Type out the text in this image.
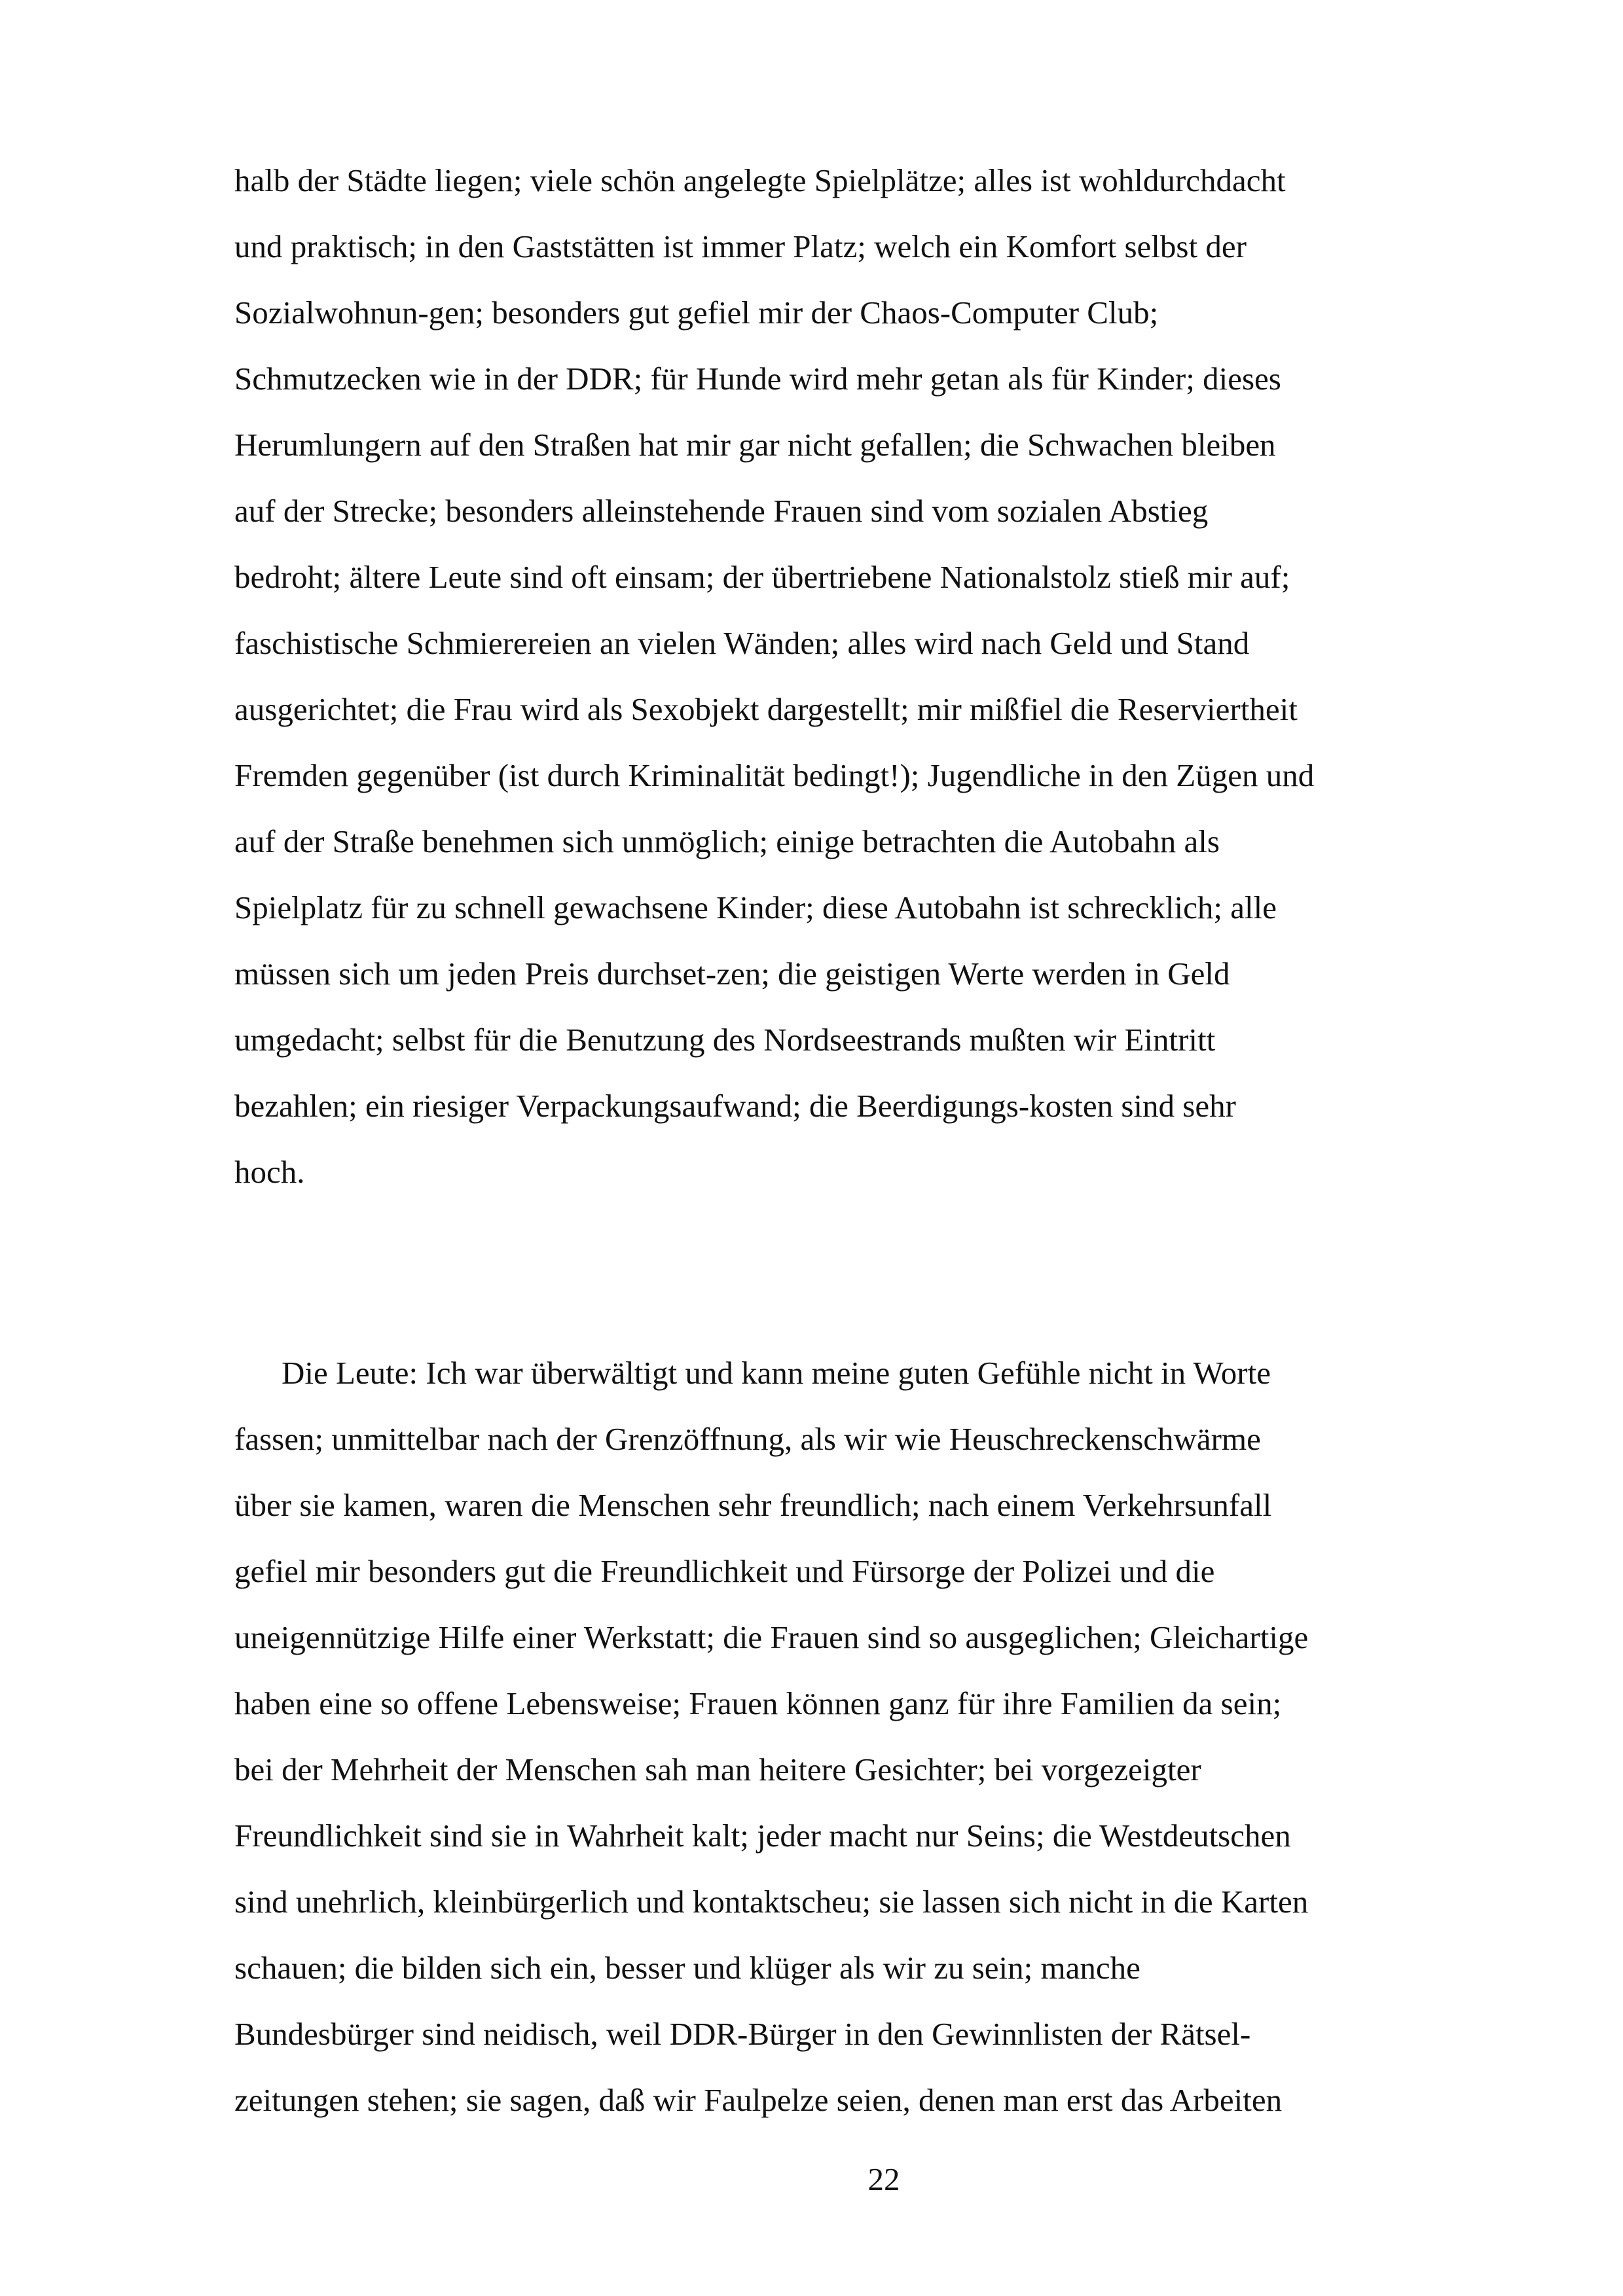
halb der Städte liegen; viele schön angelegte Spielplätze; alles ist wohldurchdacht
und praktisch; in den Gaststätten ist immer Platz; welch ein Komfort selbst der
Sozialwohnun-gen; besonders gut gefiel mir der Chaos-Computer Club;
Schmutzecken wie in der DDR; für Hunde wird mehr getan als für Kinder; dieses
Herumlungern auf den Straßen hat mir gar nicht gefallen; die Schwachen bleiben
auf der Strecke; besonders alleinstehende Frauen sind vom sozialen Abstieg
bedroht; ältere Leute sind oft einsam; der übertriebene Nationalstolz stieß mir auf;
faschistische Schmierereien an vielen Wänden; alles wird nach Geld und Stand
ausgerichtet; die Frau wird als Sexobjekt dargestellt; mir mißfiel die Reserviertheit
Fremden gegenüber (ist durch Kriminalität bedingt!); Jugendliche in den Zügen und
auf der Straße benehmen sich unmöglich; einige betrachten die Autobahn als
Spielplatz für zu schnell gewachsene Kinder; diese Autobahn ist schrecklich; alle
müssen sich um jeden Preis durchset-zen; die geistigen Werte werden in Geld
umgedacht; selbst für die Benutzung des Nordseestrands mußten wir Eintritt
bezahlen; ein riesiger Verpackungsaufwand; die Beerdigungs-kosten sind sehr
hoch.
Die Leute: Ich war überwältigt und kann meine guten Gefühle nicht in Worte
fassen; unmittelbar nach der Grenzöffnung, als wir wie Heuschreckenschwärme
über sie kamen, waren die Menschen sehr freundlich; nach einem Verkehrsunfall
gefiel mir besonders gut die Freundlichkeit und Fürsorge der Polizei und die
uneigennützige Hilfe einer Werkstatt; die Frauen sind so ausgeglichen; Gleichartige
haben eine so offene Lebensweise; Frauen können ganz für ihre Familien da sein;
bei der Mehrheit der Menschen sah man heitere Gesichter; bei vorgezeigter
Freundlichkeit sind sie in Wahrheit kalt; jeder macht nur Seins; die Westdeutschen
sind unehrlich, kleinbürgerlich und kontaktscheu; sie lassen sich nicht in die Karten
schauen; die bilden sich ein, besser und klüger als wir zu sein; manche
Bundesbürger sind neidisch, weil DDR-Bürger in den Gewinnlisten der Rätsel-
zeitungen stehen; sie sagen, daß wir Faulpelze seien, denen man erst das Arbeiten
22
